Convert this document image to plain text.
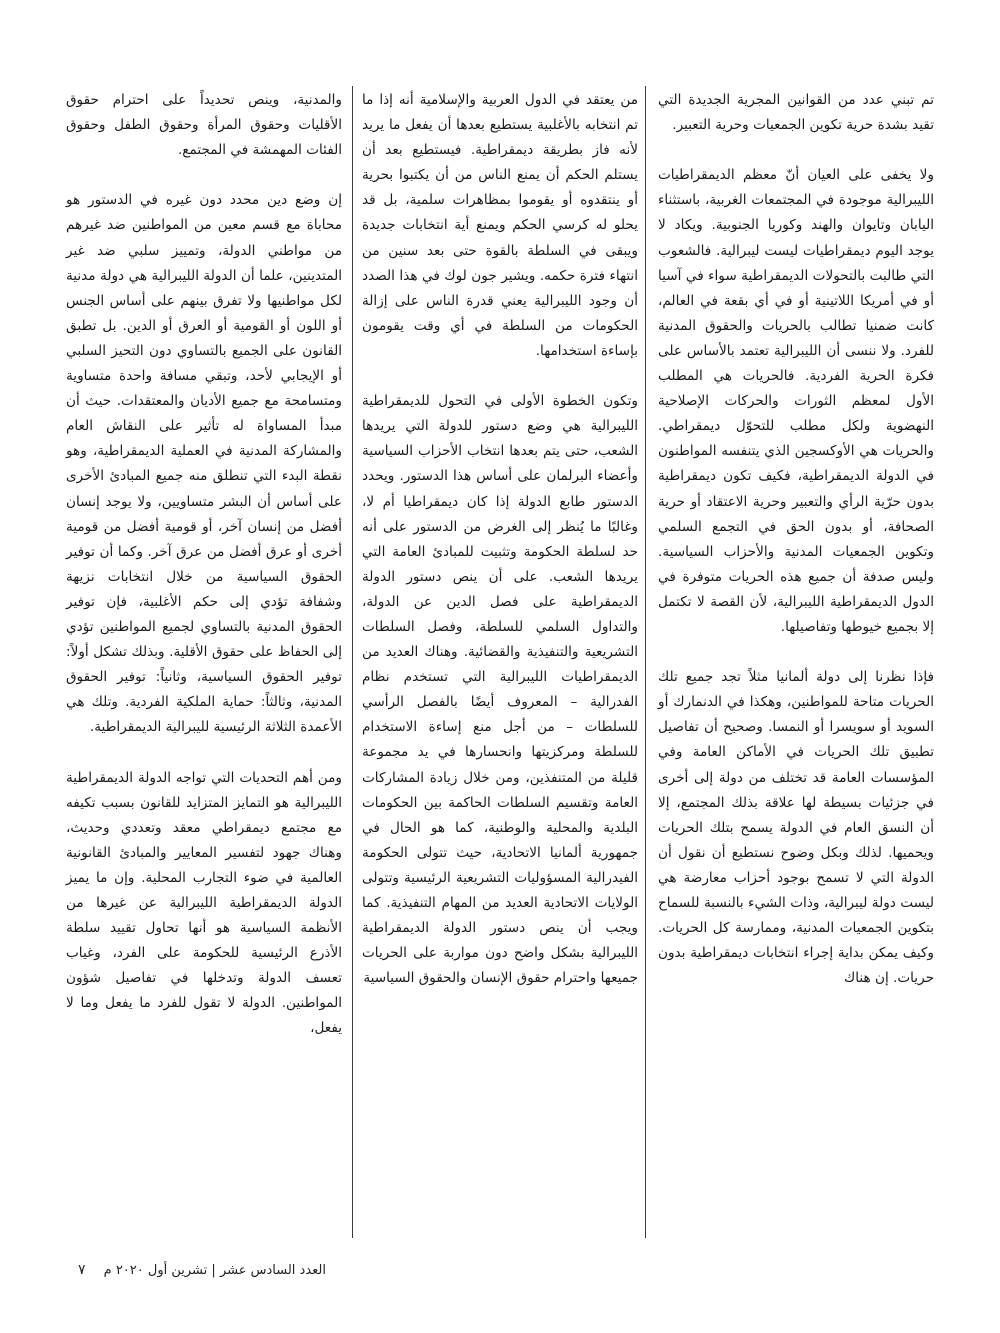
تم تبني عدد من القوانين المجرية الجديدة التي تقيد بشدة حرية تكوين الجمعيات وحرية التعبير.

ولا يخفى على العيان أنّ معظم الديمقراطيات الليبرالية موجودة في المجتمعات الغربية، باستثناء اليابان وتايوان والهند وكوريا الجنوبية. ويكاد لا يوجد اليوم ديمقراطيات ليست ليبرالية. فالشعوب التي طالبت بالتحولات الديمقراطية سواء في آسيا أو في أمريكا اللاتينية أو في أي بقعة في العالم، كانت ضمنيا تطالب بالحريات والحقوق المدنية للفرد. ولا ننسى أن الليبرالية تعتمد بالأساس على فكرة الحرية الفردية. فالحريات هي المطلب الأول لمعظم الثورات والحركات الإصلاحية النهضوية ولكل مطلب للتحوّل ديمقراطي. والحريات هي الأوكسجين الذي يتنفسه المواطنون في الدولة الديمقراطية، فكيف تكون ديمقراطية بدون حرّية الرأي والتعبير وحرية الاعتقاد أو حرية الصحافة، أو بدون الحق في التجمع السلمي وتكوين الجمعيات المدنية والأحزاب السياسية. وليس صدفة أن جميع هذه الحريات متوفرة في الدول الديمقراطية الليبرالية، لأن القصة لا تكتمل إلا بجميع خيوطها وتفاصيلها.

فإذا نظرنا إلى دولة ألمانيا مثلاً تجد جميع تلك الحريات متاحة للمواطنين، وهكذا في الدنمارك أو السويد أو سويسرا أو النمسا. وصحيح أن تفاصيل تطبيق تلك الحريات في الأماكن العامة وفي المؤسسات العامة قد تختلف من دولة إلى أخرى في جزئيات بسيطة لها علاقة بذلك المجتمع، إلا أن النسق العام في الدولة يسمح بتلك الحريات ويحميها. لذلك وبكل وضوح نستطيع أن نقول أن الدولة التي لا تسمح بوجود أحزاب معارضة هي ليست دولة ليبرالية، وذات الشيء بالنسبة للسماح بتكوين الجمعيات المدنية، وممارسة كل الحريات. وكيف يمكن بداية إجراء انتخابات ديمقراطية بدون حريات. إن هناك

من يعتقد في الدول العربية والإسلامية أنه إذا ما تم انتخابه بالأغلبية يستطيع بعدها أن يفعل ما يريد لأنه فاز بطريقة ديمقراطية. فيستطيع بعد أن يستلم الحكم أن يمنع الناس من أن يكتبوا بحرية أو ينتقدوه أو يقوموا بمظاهرات سلمية، بل قد يحلو له كرسي الحكم ويمنع أية انتخابات جديدة ويبقى في السلطة بالقوة حتى بعد سنين من انتهاء فترة حكمه. ويشير جون لوك في هذا الصدد أن وجود الليبرالية يعني قدرة الناس على إزالة الحكومات من السلطة في أي وقت يقومون بإساءة استخدامها.

وتكون الخطوة الأولى في التحول للديمقراطية الليبرالية هي وضع دستور للدولة التي يريدها الشعب، حتى يتم بعدها انتخاب الأحزاب السياسية وأعضاء البرلمان على أساس هذا الدستور. ويحدد الدستور طابع الدولة إذا كان ديمقراطيا أم لا، وغالبًا ما يُنظر إلى الغرض من الدستور على أنه حد لسلطة الحكومة وتثبيت للمبادئ العامة التي يريدها الشعب. على أن ينص دستور الدولة الديمقراطية على فصل الدين عن الدولة، والتداول السلمي للسلطة، وفصل السلطات التشريعية والتنفيذية والقضائية. وهناك العديد من الديمقراطيات الليبرالية التي تستخدم نظام الفدرالية – المعروف أيضًا بالفصل الرأسي للسلطات – من أجل منع إساءة الاستخدام للسلطة ومركزيتها وانحسارها في يد مجموعة قليلة من المتنفذين، ومن خلال زيادة المشاركات العامة وتقسيم السلطات الحاكمة بين الحكومات البلدية والمحلية والوطنية، كما هو الحال في جمهورية ألمانيا الاتحادية، حيث تتولى الحكومة الفيدرالية المسؤوليات التشريعية الرئيسية وتتولى الولايات الاتحادية العديد من المهام التنفيذية. كما ويجب أن ينص دستور الدولة الديمقراطية الليبرالية بشكل واضح دون مواربة على الحريات جميعها واحترام حقوق الإنسان والحقوق السياسية

والمدنية، وينص تحديداً على احترام حقوق الأقليات وحقوق المرأة وحقوق الطفل وحقوق الفئات المهمشة في المجتمع.

إن وضع دين محدد دون غيره في الدستور هو محاباة مع قسم معين من المواطنين ضد غيرهم من مواطني الدولة، وتمييز سلبي ضد غير المتدينين، علما أن الدولة الليبرالية هي دولة مدنية لكل مواطنيها ولا تفرق بينهم على أساس الجنس أو اللون أو القومية أو العرق أو الدين. بل تطبق القانون على الجميع بالتساوي دون التحيز السلبي أو الإيجابي لأحد، وتبقي مسافة واحدة متساوية ومتسامحة مع جميع الأديان والمعتقدات. حيث أن مبدأ المساواة له تأثير على النقاش العام والمشاركة المدنية في العملية الديمقراطية، وهو نقطة البدء التي تنطلق منه جميع المبادئ الأخرى على أساس أن البشر متساويين، ولا يوجد إنسان أفضل من إنسان آخر، أو قومية أفضل من قومية أخرى أو عرق أفضل من عرق آخر. وكما أن توفير الحقوق السياسية من خلال انتخابات نزيهة وشفافة تؤدي إلى حكم الأغلبية، فإن توفير الحقوق المدنية بالتساوي لجميع المواطنين تؤدي إلى الحفاظ على حقوق الأقلية. وبذلك تشكل أولاً: توفير الحقوق السياسية، وثانياً: توفير الحقوق المدنية، وثالثاً: حماية الملكية الفردية. وتلك هي الأعمدة الثلاثة الرئيسية لليبرالية الديمقراطية.

ومن أهم التحديات التي تواجه الدولة الديمقراطية الليبرالية هو التمايز المتزايد للقانون بسبب تكيفه مع مجتمع ديمقراطي معقد وتعددي وحديث، وهناك جهود لتفسير المعايير والمبادئ القانونية العالمية في ضوء التجارب المحلية. وإن ما يميز الدولة الديمقراطية الليبرالية عن غيرها من الأنظمة السياسية هو أنها تحاول تقييد سلطة الأذرع الرئيسية للحكومة على الفرد، وغياب تعسف الدولة وتدخلها في تفاصيل شؤون المواطنين. الدولة لا تقول للفرد ما يفعل وما لا يفعل،

العدد السادس عشر | تشرين أول ٢٠٢٠ م ٧
